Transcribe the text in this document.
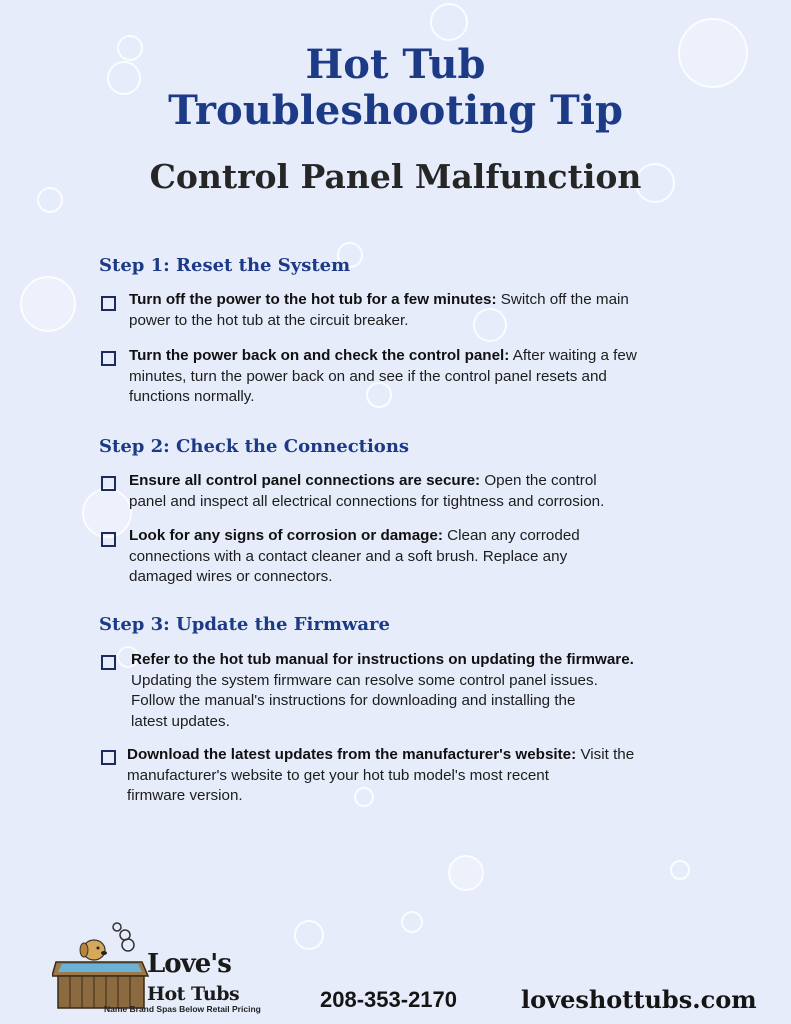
Hot Tub
Troubleshooting Tip
Control Panel Malfunction
Step 1: Reset the System
Turn off the power to the hot tub for a few minutes: Switch off the main
power to the hot tub at the circuit breaker.
Turn the power back on and check the control panel: After waiting a few
minutes, turn the power back on and see if the control panel resets and
functions normally.
Step 2: Check the Connections
Ensure all control panel connections are secure: Open the control
panel and inspect all electrical connections for tightness and corrosion.
Look for any signs of corrosion or damage: Clean any corroded
connections with a contact cleaner and a soft brush. Replace any
damaged wires or connectors.
Step 3: Update the Firmware
Refer to the hot tub manual for instructions on updating the firmware.
Updating the system firmware can resolve some control panel issues.
Follow the manual's instructions for downloading and installing the
latest updates.
Download the latest updates from the manufacturer's website: Visit the
manufacturer's website to get your hot tub model's most recent
firmware version.
Love's
Hot Tubs
Name Brand Spas Below Retail Pricing	208-353-2170	loveshottubs.com
